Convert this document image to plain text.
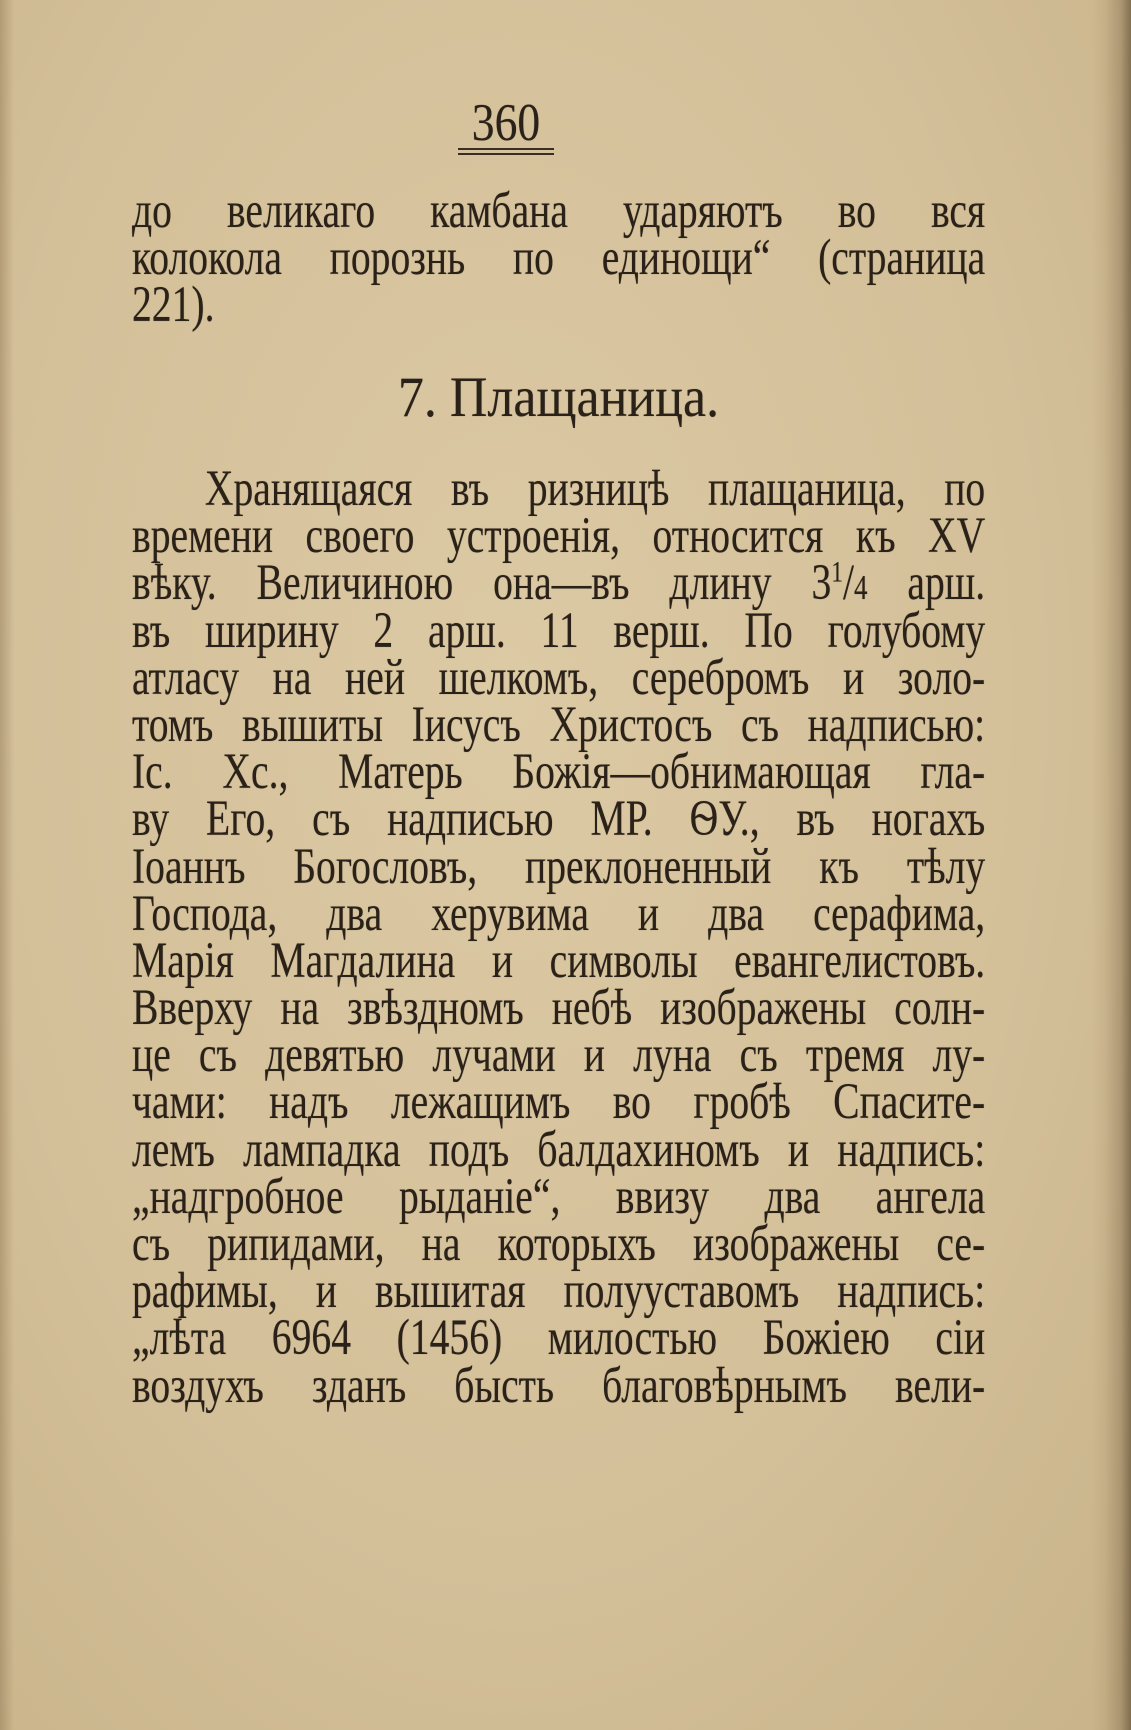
360
до великаго камбана ударяютъ во вся
колокола порознь по единощи“ (страница
221).
7. Плащаница.
Хранящаяся въ ризницѣ плащаница, по
времени своего устроенія, относится къ XV
вѣку. Величиною она—въ длину $3^1/4$ арш.
въ ширину 2 арш. 11 верш. По голубому
атласу на ней шелкомъ, серебромъ и золо-
томъ вышиты Іисусъ Христосъ съ надписью:
Іс. Хс., Матерь Божія—обнимающая гла-
ву Его, съ надписью МР. ѲУ., въ ногахъ
Іоаннъ Богословъ, преклоненный къ тѣлу
Господа, два херувима и два серафима,
Марія Магдалина и символы евангелистовъ.
Вверху на звѣздномъ небѣ изображены солн-
це съ девятью лучами и луна съ тремя лу-
чами: надъ лежащимъ во гробѣ Спасите-
лемъ лампадка подъ балдахиномъ и надпись:
„надгробное рыданіе“, ввизу два ангела
съ рипидами, на которыхъ изображены се-
рафимы, и вышитая полууставомъ надпись:
„лѣта 6964 (1456) милостью Божіею сіи
воздухъ зданъ бысть благовѣрнымъ вели-
